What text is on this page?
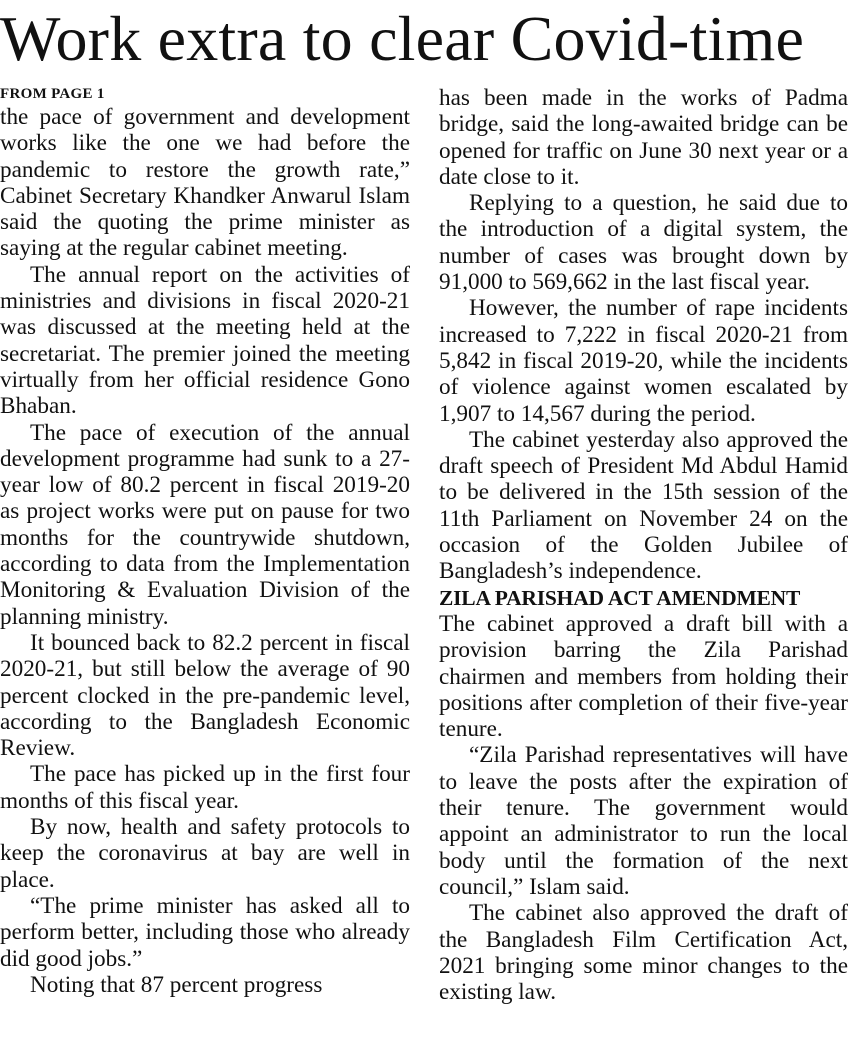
Work extra to clear Covid-time
FROM PAGE 1

the pace of government and development works like the one we had before the pandemic to restore the growth rate,” Cabinet Secretary Khandker Anwarul Islam said the quoting the prime minister as saying at the regular cabinet meeting.

The annual report on the activities of ministries and divisions in fiscal 2020-21 was discussed at the meeting held at the secretariat. The premier joined the meeting virtually from her official residence Gono Bhaban.

The pace of execution of the annual development programme had sunk to a 27-year low of 80.2 percent in fiscal 2019-20 as project works were put on pause for two months for the countrywide shutdown, according to data from the Implementation Monitoring & Evaluation Division of the planning ministry.

It bounced back to 82.2 percent in fiscal 2020-21, but still below the average of 90 percent clocked in the pre-pandemic level, according to the Bangladesh Economic Review.

The pace has picked up in the first four months of this fiscal year.

By now, health and safety protocols to keep the coronavirus at bay are well in place.

“The prime minister has asked all to perform better, including those who already did good jobs.”

Noting that 87 percent progress

has been made in the works of Padma bridge, said the long-awaited bridge can be opened for traffic on June 30 next year or a date close to it.

Replying to a question, he said due to the introduction of a digital system, the number of cases was brought down by 91,000 to 569,662 in the last fiscal year.

However, the number of rape incidents increased to 7,222 in fiscal 2020-21 from 5,842 in fiscal 2019-20, while the incidents of violence against women escalated by 1,907 to 14,567 during the period.

The cabinet yesterday also approved the draft speech of President Md Abdul Hamid to be delivered in the 15th session of the 11th Parliament on November 24 on the occasion of the Golden Jubilee of Bangladesh’s independence.

ZILA PARISHAD ACT AMENDMENT

The cabinet approved a draft bill with a provision barring the Zila Parishad chairmen and members from holding their positions after completion of their five-year tenure.

“Zila Parishad representatives will have to leave the posts after the expiration of their tenure. The government would appoint an administrator to run the local body until the formation of the next council,” Islam said.

The cabinet also approved the draft of the Bangladesh Film Certification Act, 2021 bringing some minor changes to the existing law.
